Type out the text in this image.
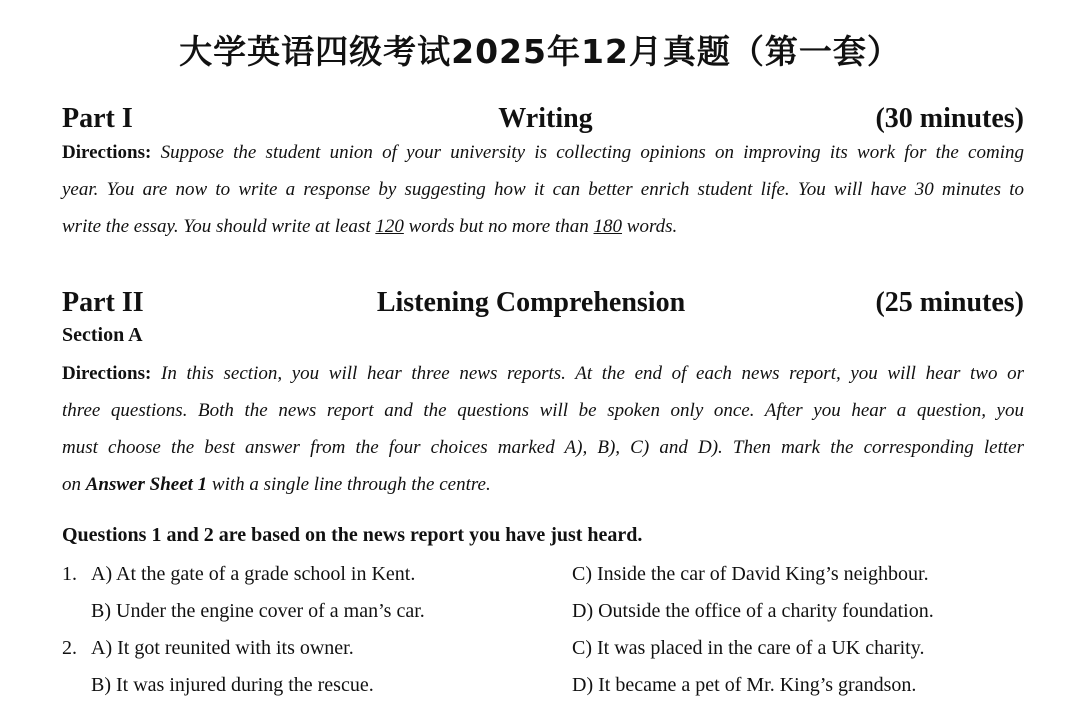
大学英语四级考试2025年12月真题（第一套）
Part I	Writing	(30 minutes)
Directions: Suppose the student union of your university is collecting opinions on improving its work for the coming
year. You are now to write a response by suggesting how it can better enrich student life. You will have 30 minutes to
write the essay. You should write at least 120 words but no more than 180 words.
Part II	Listening Comprehension	(25 minutes)
Section A
Directions: In this section, you will hear three news reports. At the end of each news report, you will hear two or
three questions. Both the news report and the questions will be spoken only once. After you hear a question, you
must choose the best answer from the four choices marked A), B), C) and D). Then mark the corresponding letter
on Answer Sheet 1 with a single line through the centre.
Questions 1 and 2 are based on the news report you have just heard.
1. A) At the gate of a grade school in Kent.	C) Inside the car of David King’s neighbour.
B) Under the engine cover of a man’s car.	D) Outside the office of a charity foundation.
2. A) It got reunited with its owner.	C) It was placed in the care of a UK charity.
B) It was injured during the rescue.	D) It became a pet of Mr. King’s grandson.
